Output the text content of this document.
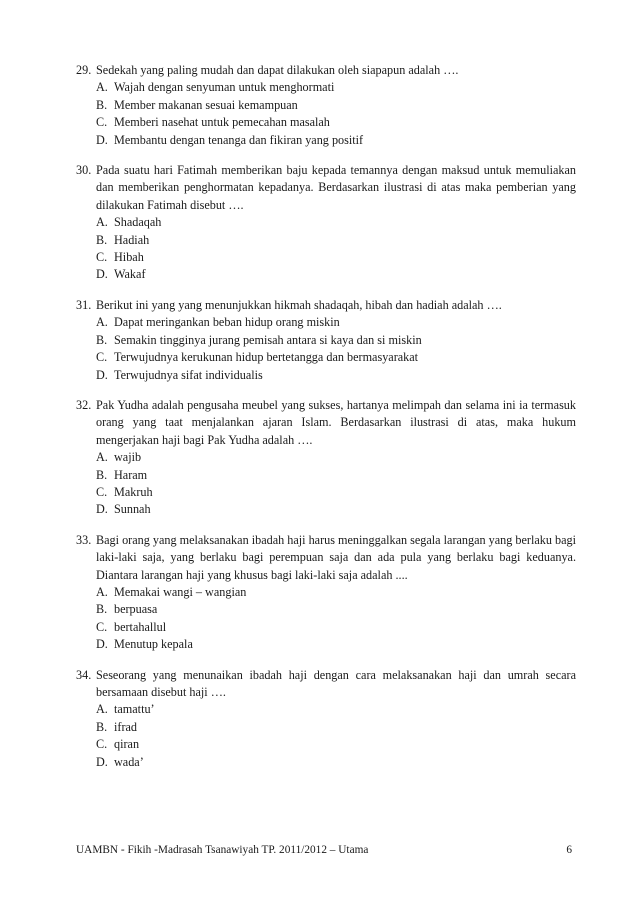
29. Sedekah yang paling mudah dan dapat dilakukan oleh siapapun adalah ….
A. Wajah dengan senyuman untuk menghormati
B. Member makanan sesuai kemampuan
C. Memberi nasehat untuk pemecahan masalah
D. Membantu dengan tenanga dan fikiran yang positif
30. Pada suatu hari Fatimah memberikan baju kepada temannya dengan maksud untuk memuliakan dan memberikan penghormatan kepadanya. Berdasarkan ilustrasi di atas maka pemberian yang dilakukan Fatimah disebut ….
A. Shadaqah
B. Hadiah
C. Hibah
D. Wakaf
31. Berikut ini yang yang menunjukkan hikmah shadaqah, hibah dan hadiah adalah ….
A. Dapat meringankan beban hidup orang miskin
B. Semakin tingginya jurang pemisah antara si kaya dan si miskin
C. Terwujudnya kerukunan hidup bertetangga dan bermasyarakat
D. Terwujudnya sifat individualis
32. Pak Yudha adalah pengusaha meubel yang sukses, hartanya melimpah dan selama ini ia termasuk orang yang taat menjalankan ajaran Islam. Berdasarkan ilustrasi di atas, maka hukum mengerjakan haji bagi Pak Yudha adalah ….
A. wajib
B. Haram
C. Makruh
D. Sunnah
33. Bagi orang yang melaksanakan ibadah haji harus meninggalkan segala larangan yang berlaku bagi laki-laki saja, yang berlaku bagi perempuan saja dan ada pula yang berlaku bagi keduanya. Diantara larangan haji yang khusus bagi laki-laki saja adalah ....
A. Memakai wangi – wangian
B. berpuasa
C. bertahallul
D. Menutup kepala
34. Seseorang yang menunaikan ibadah haji dengan cara melaksanakan haji dan umrah secara bersamaan disebut haji ….
A. tamattu’
B. ifrad
C. qiran
D. wada’
UAMBN - Fikih -Madrasah Tsanawiyah TP. 2011/2012 – Utama	6
